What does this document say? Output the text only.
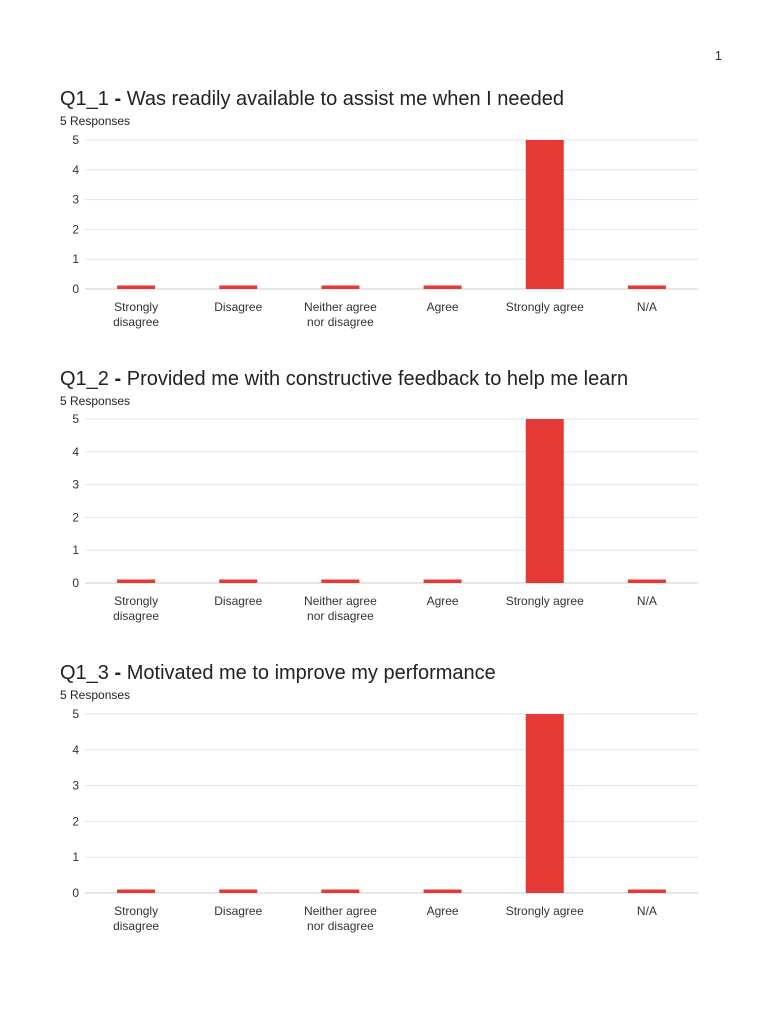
1
Q1_1 - Was readily available to assist me when I needed
5 Responses
0
1
2
3
4
5
Strongly disagree
Disagree	Neither agree nor disagree
Agree	Strongly agree	N/A
Q1_2 - Provided me with constructive feedback to help me learn
5 Responses
0
1
2
3
4
5
Strongly disagree
Disagree	Neither agree nor disagree
Agree	Strongly agree	N/A
Q1_3 - Motivated me to improve my performance
5 Responses
0
1
2
3
4
5
Strongly disagree
Disagree	Neither agree nor disagree
Agree	Strongly agree	N/A
